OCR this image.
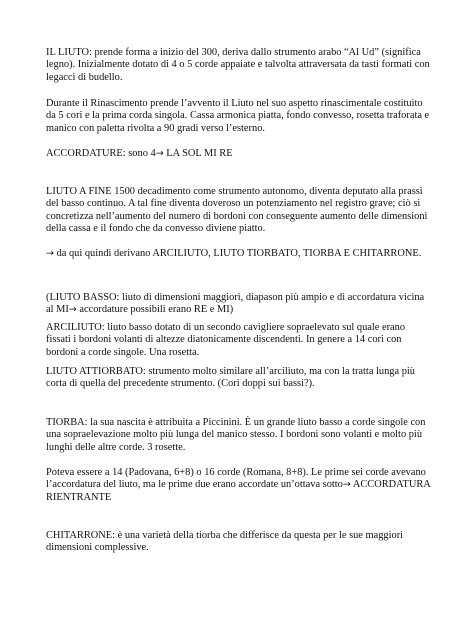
IL LIUTO: prende forma a inizio del 300, deriva dallo strumento arabo “Al Ud” (significa legno). Inizialmente dotato di 4 o 5 corde appaiate e talvolta attraversata da tasti formati con legacci di budello.

Durante il Rinascimento prende l’avvento il Liuto nel suo aspetto rinascimentale costituito da 5 cori e la prima corda singola. Cassa armonica piatta, fondo convesso, rosetta traforata e manico con paletta rivolta a 90 gradi verso l’esterno.

ACCORDATURE: sono 4→ LA SOL MI RE

LIUTO A FINE 1500 decadimento come strumento autonomo, diventa deputato alla prassi del basso continuo. A tal fine diventa doveroso un potenziamento nel registro grave; ciò si concretizza nell’aumento del numero di bordoni con conseguente aumento delle dimensioni della cassa e il fondo che da convesso diviene piatto.

→ da qui quindi derivano ARCILIUTO, LIUTO TIORBATO, TIORBA E CHITARRONE.

(LIUTO BASSO: liuto di dimensioni maggiori, diapason più ampio e di accordatura vicina al MI→ accordature possibili erano RE e MI)

ARCILIUTO: liuto basso dotato di un secondo cavigliere sopraelevato sul quale erano fissati i bordoni volanti di altezze diatonicamente discendenti. In genere a 14 cori con bordoni a corde singole. Una rosetta.

LIUTO ATTIORBATO: strumento molto similare all’arciliuto, ma con la tratta lunga più corta di quella del precedente strumento. (Cori doppi sui bassi?).

TIORBA: la sua nascita è attribuita a Piccinini. È un grande liuto basso a corde singole con una sopraelevazione molto più lunga del manico stesso. I bordoni sono volanti e molto più lunghi delle altre corde. 3 rosette.

Poteva essere a 14 (Padovana, 6+8) o 16 corde (Romana, 8+8). Le prime sei corde avevano l’accordatura del liuto, ma le prime due erano accordate un’ottava sotto→ ACCORDATURA RIENTRANTE

CHITARRONE: è una varietà della tiorba che differisce da questa per le sue maggiori dimensioni complessive.
